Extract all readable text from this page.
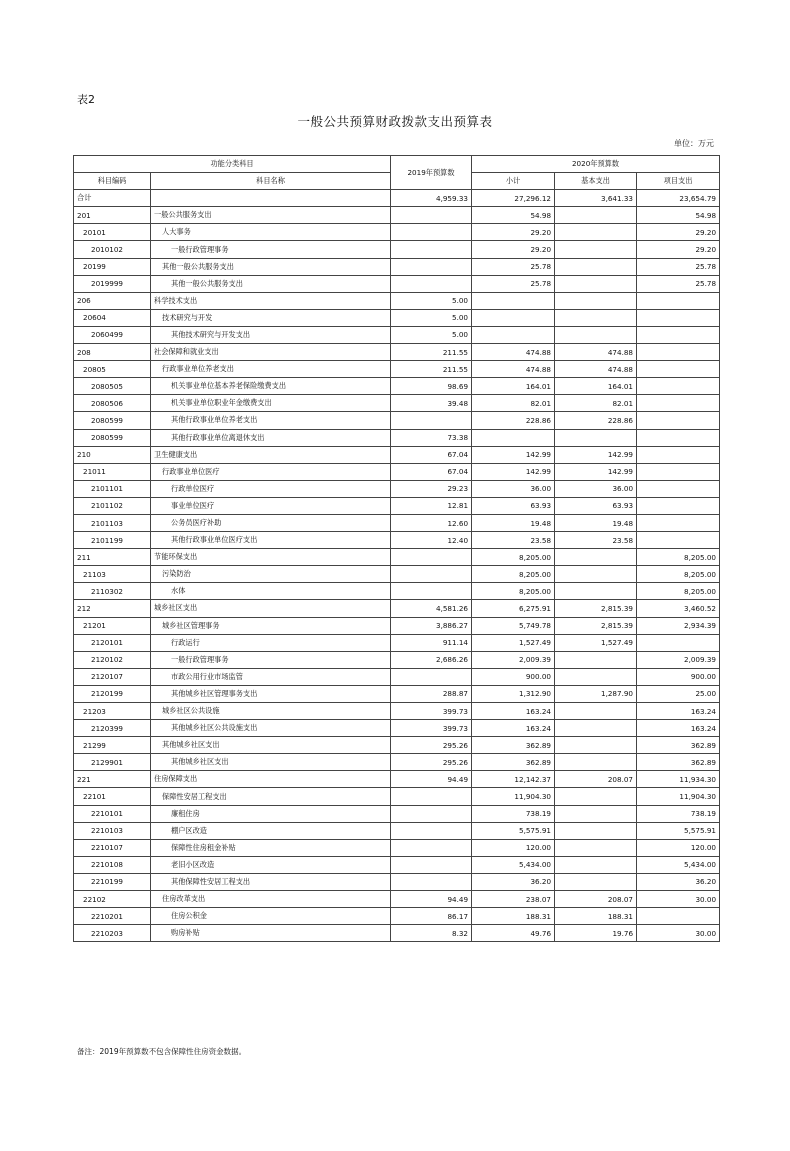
表2
一般公共预算财政拨款支出预算表
单位：万元
功能分类科目		2019年预算数	2020年预算数		
科目编码	科目名称		小计	基本支出	项目支出
合计		4,959.33	27,296.12	3,641.33	23,654.79
201	一般公共服务支出		54.98		54.98
20101	人大事务		29.20		29.20
2010102	一般行政管理事务		29.20		29.20
20199	其他一般公共服务支出		25.78		25.78
2019999	其他一般公共服务支出		25.78		25.78
206	科学技术支出	5.00			
20604	技术研究与开发	5.00			
2060499	其他技术研究与开发支出	5.00			
208	社会保障和就业支出	211.55	474.88	474.88	
20805	行政事业单位养老支出	211.55	474.88	474.88	
2080505	机关事业单位基本养老保险缴费支出	98.69	164.01	164.01	
2080506	机关事业单位职业年金缴费支出	39.48	82.01	82.01	
2080599	其他行政事业单位养老支出		228.86	228.86	
2080599	其他行政事业单位离退休支出	73.38			
210	卫生健康支出	67.04	142.99	142.99	
21011	行政事业单位医疗	67.04	142.99	142.99	
2101101	行政单位医疗	29.23	36.00	36.00	
2101102	事业单位医疗	12.81	63.93	63.93	
2101103	公务员医疗补助	12.60	19.48	19.48	
2101199	其他行政事业单位医疗支出	12.40	23.58	23.58	
211	节能环保支出		8,205.00		8,205.00
21103	污染防治		8,205.00		8,205.00
2110302	水体		8,205.00		8,205.00
212	城乡社区支出	4,581.26	6,275.91	2,815.39	3,460.52
21201	城乡社区管理事务	3,886.27	5,749.78	2,815.39	2,934.39
2120101	行政运行	911.14	1,527.49	1,527.49	
2120102	一般行政管理事务	2,686.26	2,009.39		2,009.39
2120107	市政公用行业市场监管		900.00		900.00
2120199	其他城乡社区管理事务支出	288.87	1,312.90	1,287.90	25.00
21203	城乡社区公共设施	399.73	163.24		163.24
2120399	其他城乡社区公共设施支出	399.73	163.24		163.24
21299	其他城乡社区支出	295.26	362.89		362.89
2129901	其他城乡社区支出	295.26	362.89		362.89
221	住房保障支出	94.49	12,142.37	208.07	11,934.30
22101	保障性安居工程支出		11,904.30		11,904.30
2210101	廉租住房		738.19		738.19
2210103	棚户区改造		5,575.91		5,575.91
2210107	保障性住房租金补贴		120.00		120.00
2210108	老旧小区改造		5,434.00		5,434.00
2210199	其他保障性安居工程支出		36.20		36.20
22102	住房改革支出	94.49	238.07	208.07	30.00
2210201	住房公积金	86.17	188.31	188.31	
2210203	购房补贴	8.32	49.76	19.76	30.00
备注：2019年预算数不包含保障性住房资金数据。
